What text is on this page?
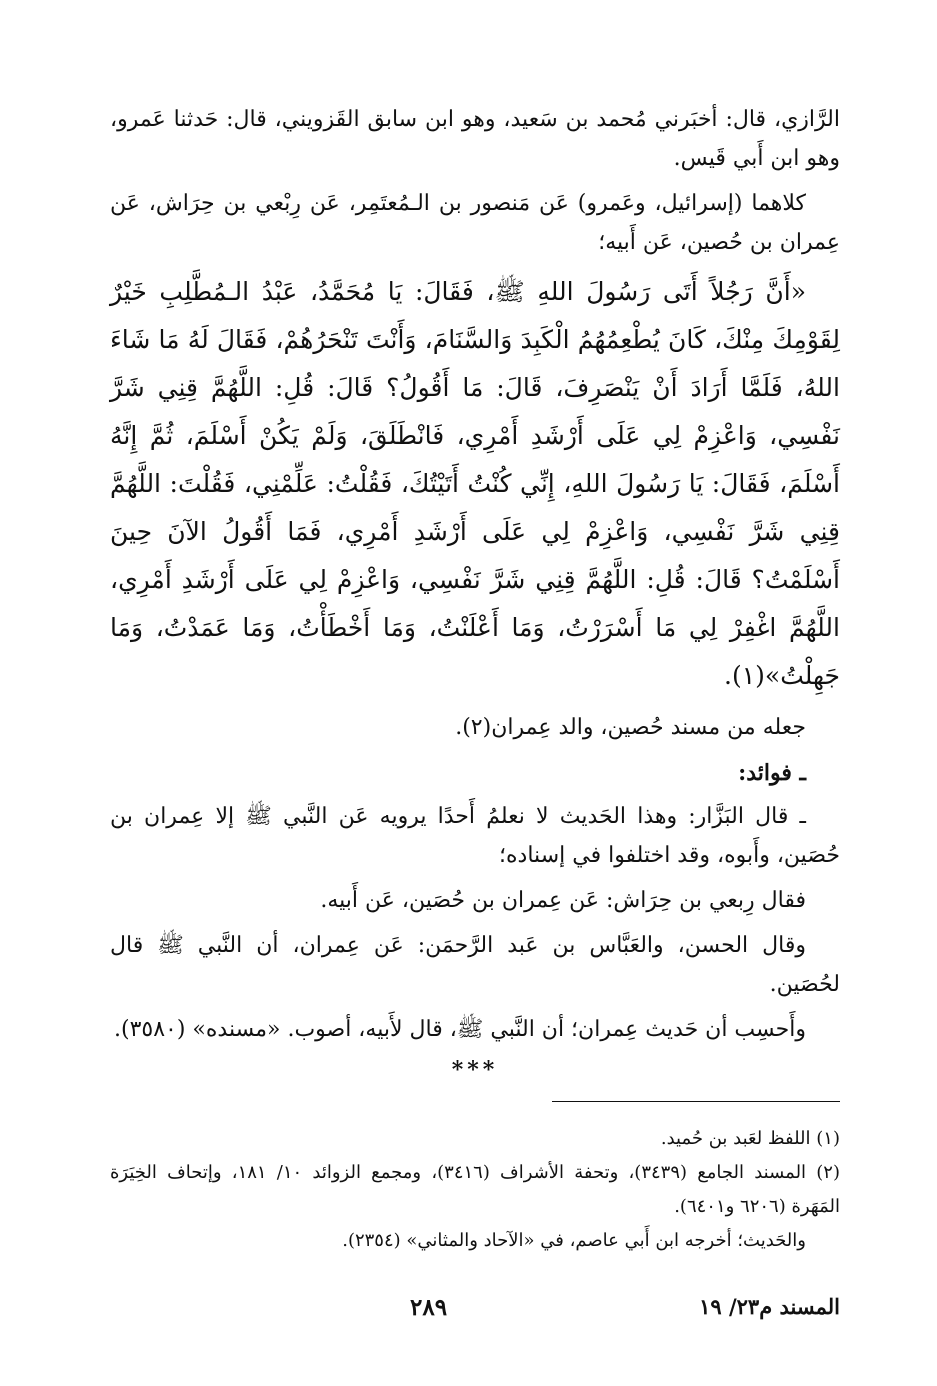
الرَّازي، قال: أخبَرني مُحمد بن سَعيد، وهو ابن سابق القَزويني، قال: حَدثنا عَمرو، وهو ابن أَبي قَيس.

كلاهما (إسرائيل، وعَمرو) عَن مَنصور بن الـمُعتَمِر، عَن رِبْعي بن حِرَاش، عَن عِمران بن حُصين، عَن أَبيه؛

«أَنَّ رَجُلاً أَتَى رَسُولَ اللهِ ﷺ، فَقَالَ: يَا مُحَمَّدُ، عَبْدُ الـمُطَّلِبِ خَيْرٌ لِقَوْمِكَ مِنْكَ، كَانَ يُطْعِمُهُمُ الْكَبِدَ وَالسَّنَامَ، وَأَنْتَ تَنْحَرُهُمْ، فَقَالَ لَهُ مَا شَاءَ اللهُ، فَلَمَّا أَرَادَ أَنْ يَنْصَرِفَ، قَالَ: مَا أَقُولُ؟ قَالَ: قُلِ: اللَّهُمَّ قِنِي شَرَّ نَفْسِي، وَاعْزِمْ لِي عَلَى أَرْشَدِ أَمْرِي، فَانْطَلَقَ، وَلَمْ يَكُنْ أَسْلَمَ، ثُمَّ إِنَّهُ أَسْلَمَ، فَقَالَ: يَا رَسُولَ اللهِ، إِنِّي كُنْتُ أَتَيْتُكَ، فَقُلْتُ: عَلِّمْنِي، فَقُلْتَ: اللَّهُمَّ قِنِي شَرَّ نَفْسِي، وَاعْزِمْ لِي عَلَى أَرْشَدِ أَمْرِي، فَمَا أَقُولُ الآنَ حِينَ أَسْلَمْتُ؟ قَالَ: قُلِ: اللَّهُمَّ قِنِي شَرَّ نَفْسِي، وَاعْزِمْ لِي عَلَى أَرْشَدِ أَمْرِي، اللَّهُمَّ اغْفِرْ لِي مَا أَسْرَرْتُ، وَمَا أَعْلَنْتُ، وَمَا أَخْطَأْتُ، وَمَا عَمَدْتُ، وَمَا جَهِلْتُ»(١).

جعله من مسند حُصين، والد عِمران(٢).

ـ فوائد:

ـ قال البَزَّار: وهذا الحَديث لا نعلمُ أَحدًا يرويه عَن النَّبي ﷺ إلا عِمران بن حُصَين، وأَبوه، وقد اختلفوا في إسناده؛

فقال رِبعي بن حِرَاش: عَن عِمران بن حُصَين، عَن أَبيه.

وقال الحسن، والعَبَّاس بن عَبد الرَّحمَن: عَن عِمران، أن النَّبي ﷺ قال لحُصَين.

وأَحسِب أن حَديث عِمران؛ أن النَّبي ﷺ، قال لأَبيه، أصوب. «مسنده» (٣٥٨٠).

***

(١) اللفظ لعَبد بن حُميد.

(٢) المسند الجامع (٣٤٣٩)، وتحفة الأشراف (٣٤١٦)، ومجمع الزوائد ١٠/ ١٨١، وإتحاف الخِيَرَة المَهَرة (٦٢٠٦ و٦٤٠١).

والحَديث؛ أخرجه ابن أَبي عاصم، في «الآحاد والمثاني» (٢٣٥٤).

المسند م٢٣/ ١٩
٢٨٩
